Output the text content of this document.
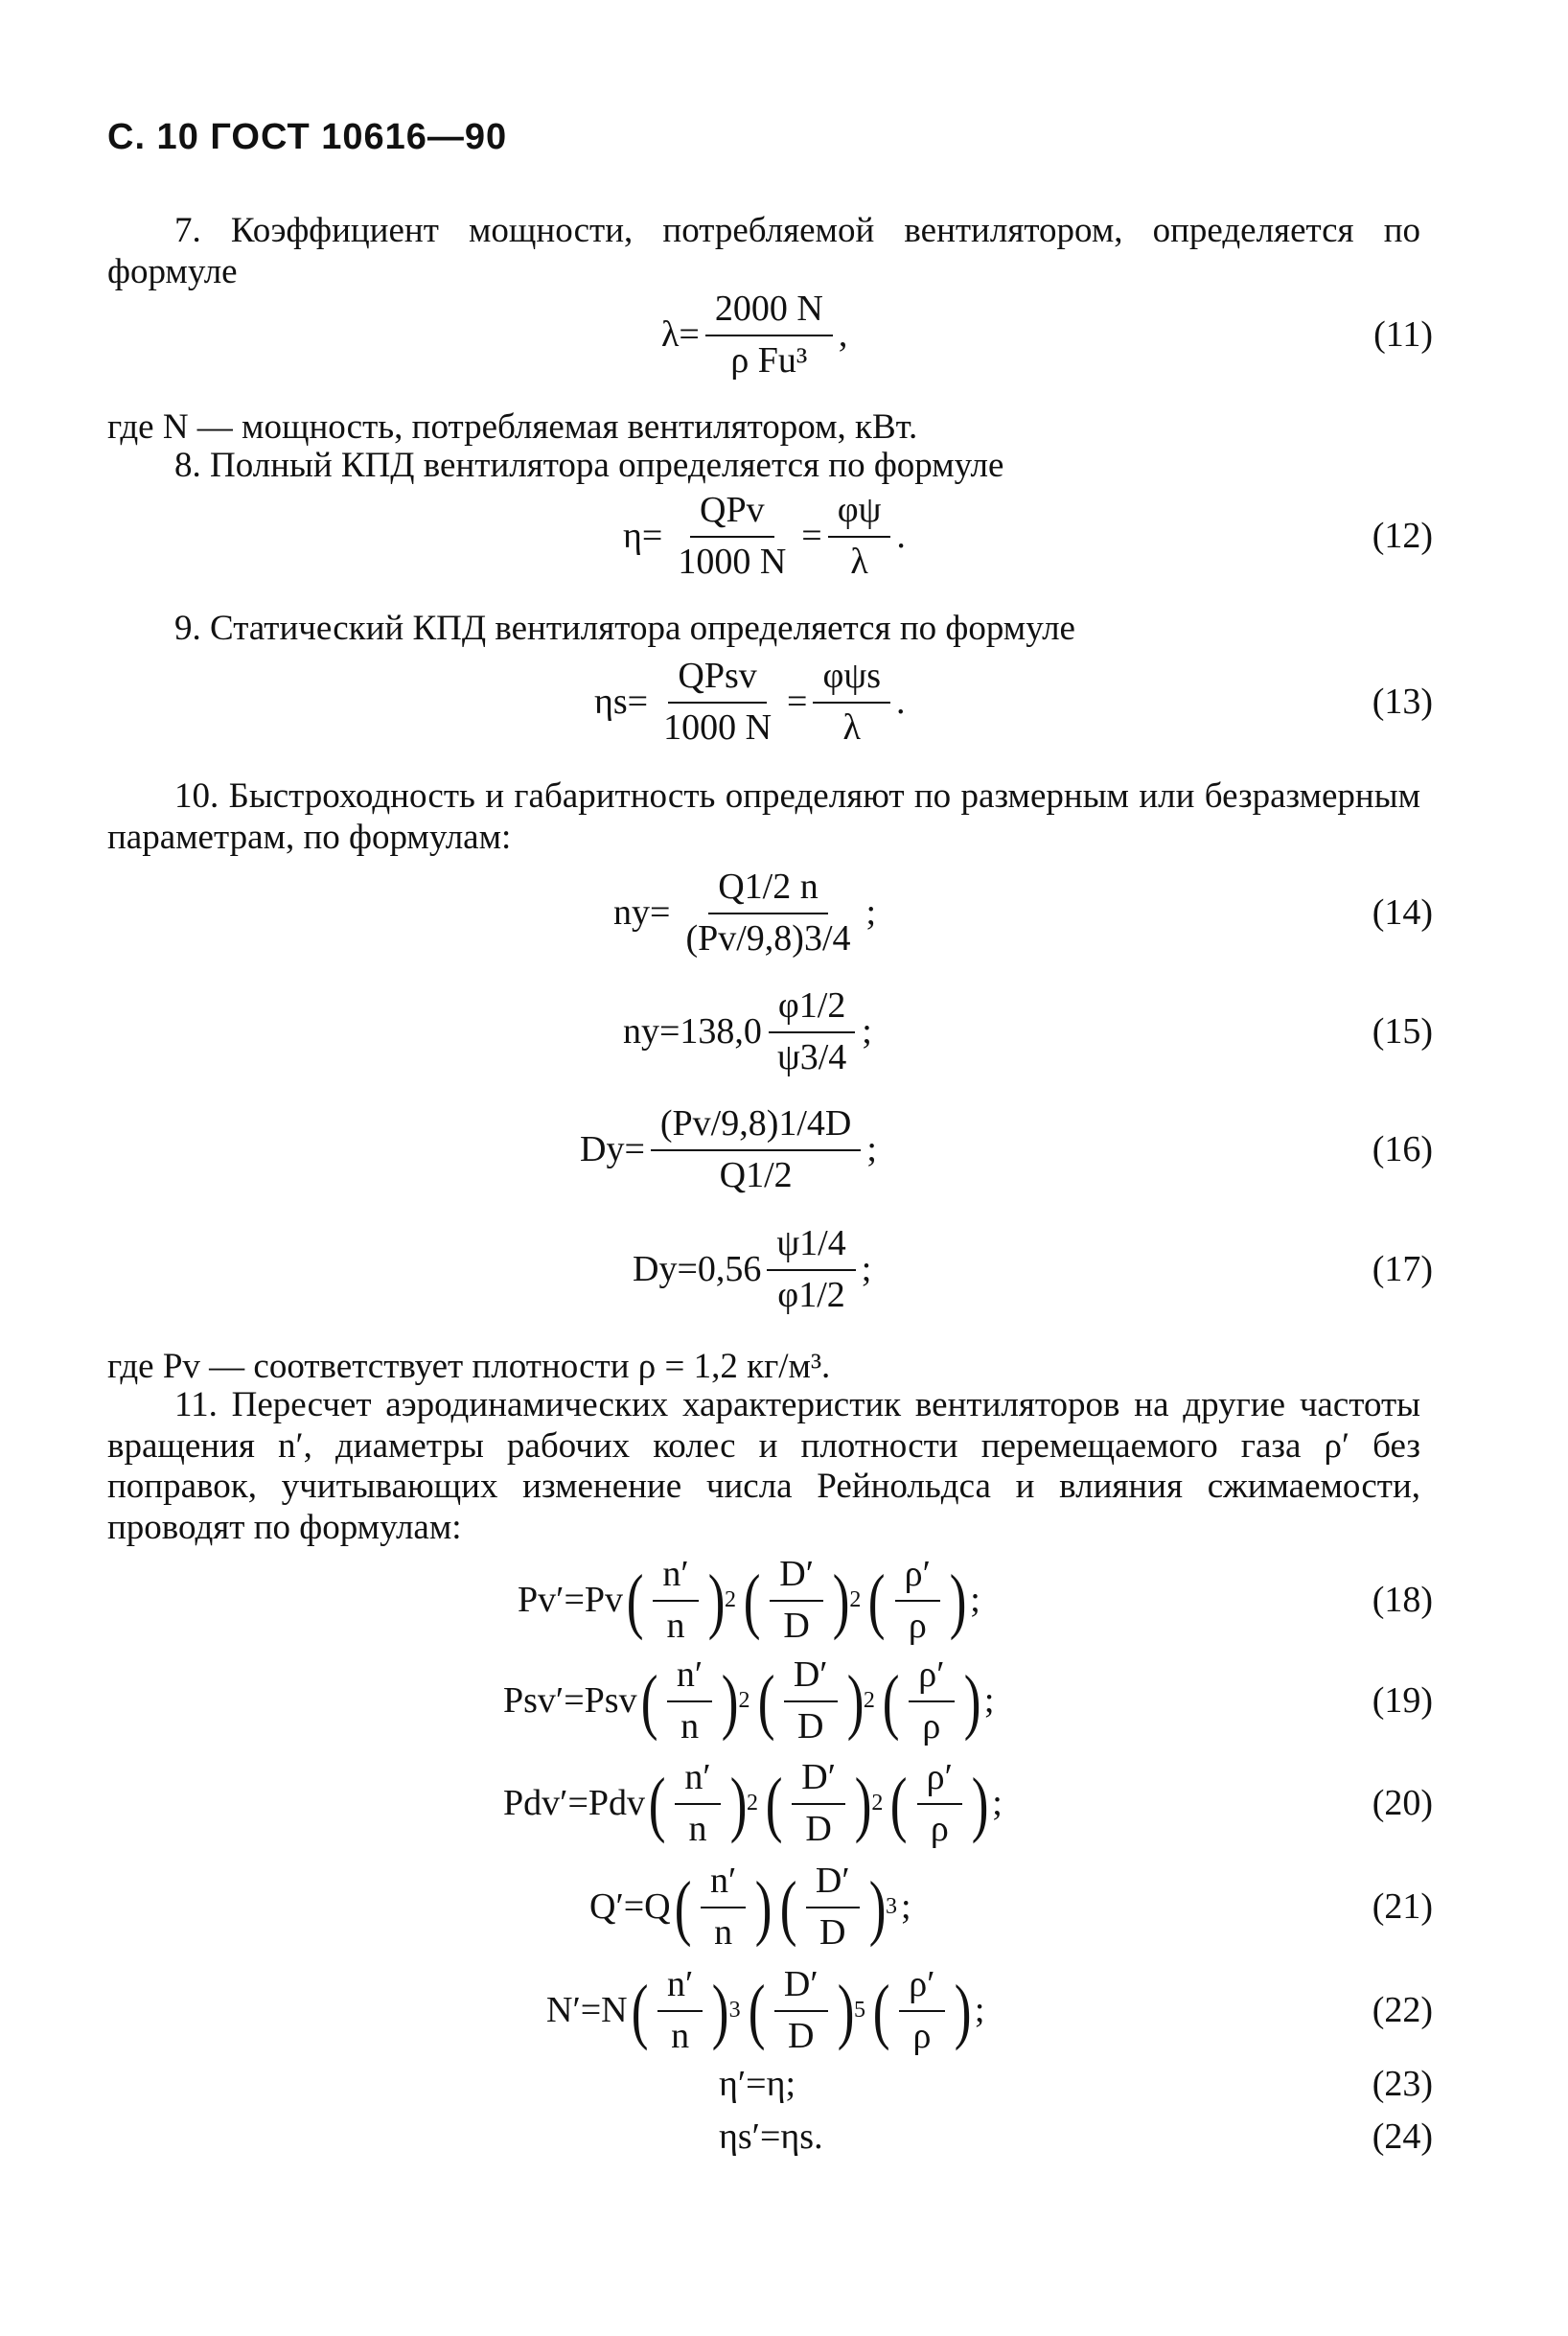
С. 10 ГОСТ 10616—90
7. Коэффициент мощности, потребляемой вентилятором, определяется по формуле
$\lambda= \frac{2000 N}{\text{ρ Fu³}}$ ,	(11)
где N — мощность, потребляемая вентилятором, кВт.
8. Полный КПД вентилятора определяется по формуле
$\eta= \frac{\text{QPv}}{1000 N} = \frac{\varphi\psi}{\lambda}$ .	(12)
9. Статический КПД вентилятора определяется по формуле
$\eta s= \frac{\text{QPsv}}{1000 N} = \frac{\text{φψs}}{\lambda}$ .	(13)
10. Быстроходность и габаритность определяют по размерным или безразмерным параметрам, по формулам:
$ny= \frac{Q1/2 n}{(Pv/9,8)3/4}$ ;	(14)
$ny=138,0 \frac{\varphi 1/2}{\psi 3/4}$ ;	(15)
$Dy= \frac{(Pv/9,8)1/4D}{Q1/2}$ ;	(16)
$Dy=0,56 \frac{\psi 1/4}{\varphi 1/2}$ ;	(17)
где Pv — соответствует плотности ρ = 1,2 кг/м³.
11. Пересчет аэродинамических характеристик вентиляторов на другие частоты вращения n′, диаметры рабочих колес и плотности перемещаемого газа ρ′ без поправок, учитывающих изменение числа Рейнольдса и влияния сжимаемости, проводят по формулам:
Pv′=Pv ( $\frac{n'}{n}$ ) 2 ( $\frac{D'}{D}$ ) 2 ( $\frac{\rho'}{\rho}$ ) ;	(18)
Psv′=Psv ( $\frac{n'}{n}$ ) 2 ( $\frac{D'}{D}$ ) 2 ( $\frac{\rho'}{\rho}$ ) ;	(19)
Pdv′=Pdv ( $\frac{n'}{n}$ ) 2 ( $\frac{D'}{D}$ ) 2 ( $\frac{\rho'}{\rho}$ ) ;	(20)
Q′=Q ( $\frac{n'}{n}$ ) ( $\frac{D'}{D}$ ) 3 ;	(21)
N′=N ( $\frac{n'}{n}$ ) 3 ( $\frac{D'}{D}$ ) 5 ( $\frac{\rho'}{\rho}$ ) ;	(22)
η′=η;	(23)
ηs′=ηs.	(24)
